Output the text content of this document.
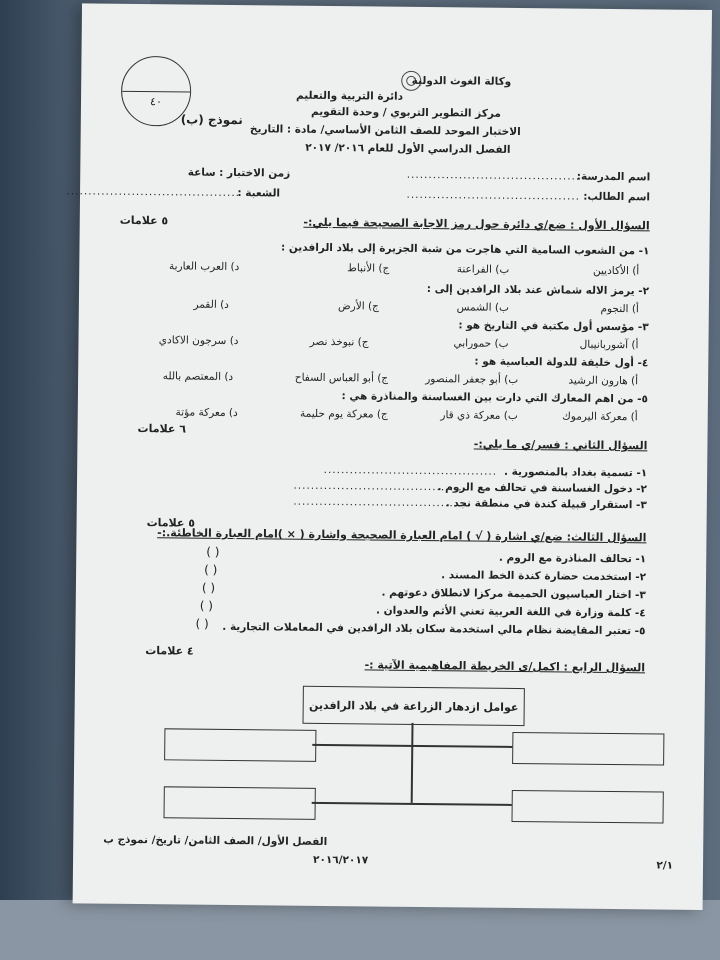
٤٠
وكالة الغوث الدولية
دائرة التربية والتعليم
مركز التطوير التربوي / وحدة التقويم
الاختبار الموحد للصف الثامن الأساسي/ مادة : التاريخ
الفصل الدراسي الأول للعام ٢٠١٦/ ٢٠١٧
نموذج (ب)
اسم المدرسة:
........................................
زمن الاختبار : ساعة
اسم الطالب:
........................................
الشعبة :
........................................
السؤال الأول : ضع/ي دائرة حول رمز الاجابة الصحيحة فيما يلي:-
٥ علامات
١- من الشعوب السامية التي هاجرت من شبة الجزيرة إلى بلاد الرافدين :
أ) الأكاديين
ب) الفراعنة
ج) الأنباط
د) العرب العاربة
٢- يرمز الاله شماش عند بلاد الرافدين إلى :
أ) النجوم
ب) الشمس
ج) الأرض
د) القمر
٣- مؤسس أول مكتبة في التاريخ هو :
أ) آشوربانيبال
ب) حمورابي
ج) نبوخذ نصر
د) سرجون الاكادي
٤- أول خليفة للدولة العباسية هو :
أ) هارون الرشيد
ب) أبو جعفر المنصور
ج) أبو العباس السفاح
د) المعتصم بالله
٥- من اهم المعارك التي دارت بين الغساسنة والمناذرة هي :
أ) معركة اليرموك
ب) معركة ذي قار
ج) معركة يوم حليمة
د) معركة مؤتة
٦ علامات
السؤال الثاني : فسر/ي ما يلي:-
١- تسمية بغداد بالمنصورية .
........................................
٢- دخول الغساسنة في تحالف مع الروم .
........................................
٣- استقرار قبيلة كندة في منطقة نجد .
........................................
٥ علامات
السؤال الثالث: ضع/ي اشارة ( √ ) امام العبارة الصحيحة واشارة ( × )امام العبارة الخاطئة.:-
١- تحالف المناذرة مع الروم .
( )
٢- استخدمت حضارة كندة الخط المسند .
( )
٣- اختار العباسيون الحميمة مركزا لانطلاق دعوتهم .
( )
٤- كلمة وزارة في اللغة العربية تعني الأثم والعدوان .
( )
٥- تعتبر المقايضة نظام مالي استخدمة سكان بلاد الرافدين في المعاملات التجارية .
( )
٤ علامات
السؤال الرابع : اكمل/ى الخريطة المفاهيمية الآتية :-
عوامل ازدهار الزراعة في بلاد الرافدين
الفصل الأول/ الصف الثامن/ تاريخ/ نموذج ب
٢٠١٦/٢٠١٧	٢/١
